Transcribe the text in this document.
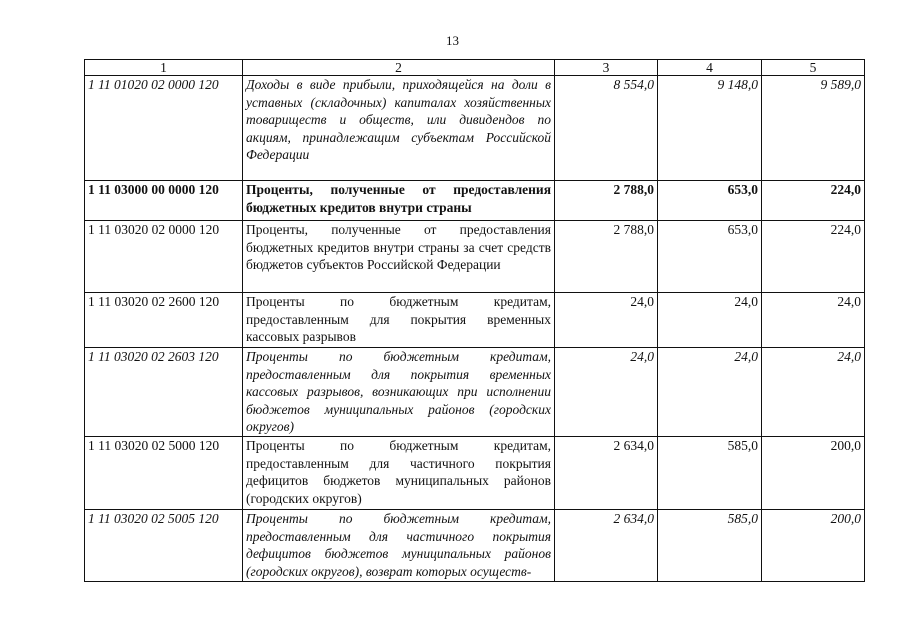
13
1	2	3	4	5
1 11 01020 02 0000 120	Доходы в виде прибыли, приходящейся на доли в уставных (складочных) капиталах хозяйственных товариществ и обществ, или дивидендов по акциям, принадлежащим субъектам Российской Федерации	8 554,0	9 148,0	9 589,0
1 11 03000 00 0000 120	Проценты, полученные от предоставления бюджетных кредитов внутри страны	2 788,0	653,0	224,0
1 11 03020 02 0000 120	Проценты, полученные от предоставления бюджетных кредитов внутри страны за счет средств бюджетов субъектов Российской Федерации	2 788,0	653,0	224,0
1 11 03020 02 2600 120	Проценты по бюджетным кредитам, предоставленным для покрытия временных кассовых разрывов	24,0	24,0	24,0
1 11 03020 02 2603 120	Проценты по бюджетным кредитам, предоставленным для покрытия временных кассовых разрывов, возникающих при исполнении бюджетов муниципальных районов (городских округов)	24,0	24,0	24,0
1 11 03020 02 5000 120	Проценты по бюджетным кредитам, предоставленным для частичного покрытия дефицитов бюджетов муниципальных районов (городских округов)	2 634,0	585,0	200,0
1 11 03020 02 5005 120	Проценты по бюджетным кредитам, предоставленным для частичного покрытия дефицитов бюджетов муниципальных районов (городских округов), возврат которых осуществ-	2 634,0	585,0	200,0
